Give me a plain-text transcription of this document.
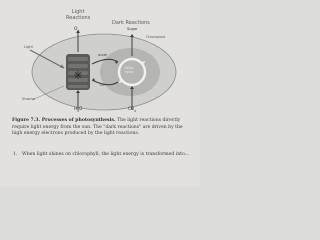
Light
Reactions
Dark Reactions
$O_2$	Sugar
Chloroplast
Light
Calvin
cycle
NADPH
ATP
Stroma
$H_2O$	$CO_2$
Figure 7.3. Processes of photosynthesis. The light reactions directly require light energy from the sun. The "dark reactions" are driven by the high energy electrons produced by the light reactions.
1. When light shines on chlorophyll, the light energy is transformed into...
